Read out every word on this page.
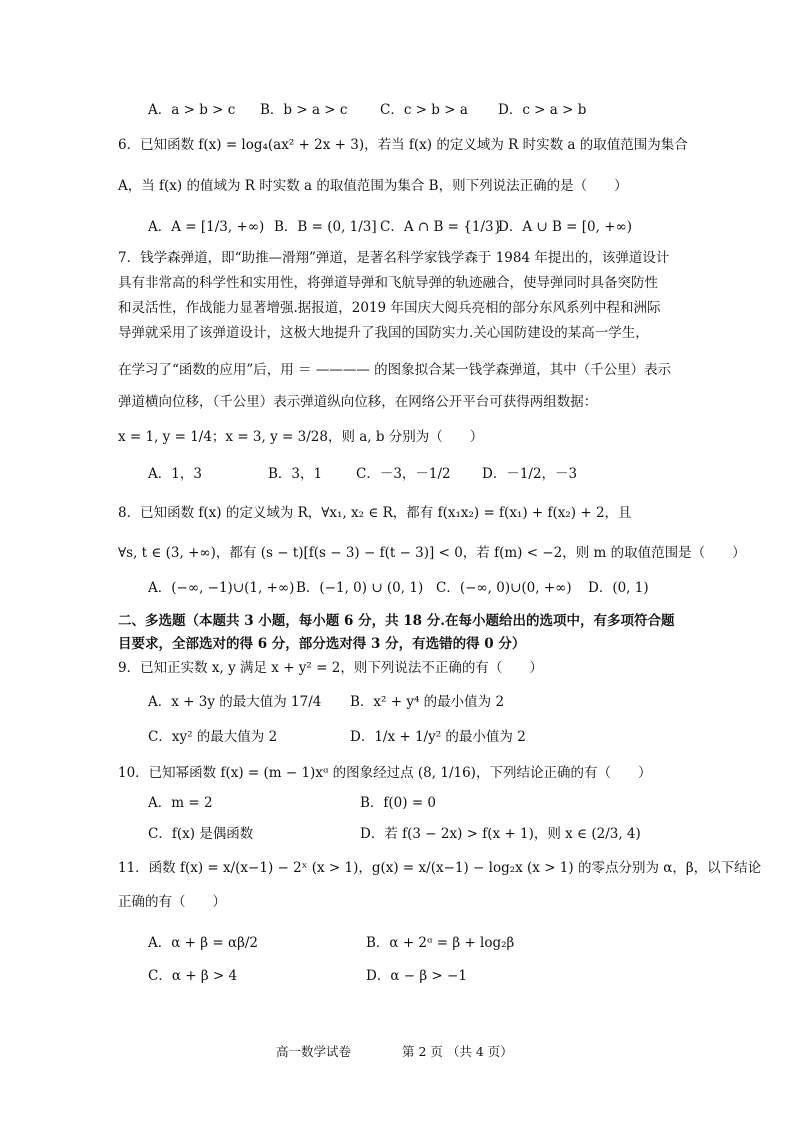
A．a > b > c B．b > a > c C．c > b > a D．c > a > b
6．已知函数 f(x) = log₄(ax² + 2x + 3)，若当 f(x) 的定义域为 R 时实数 a 的取值范围为集合
A，当 f(x) 的值域为 R 时实数 a 的取值范围为集合 B，则下列说法正确的是（　　）
A．A = [1/3, +∞) B．B = (0, 1/3] C．A ∩ B = {1/3}
D．A ∪ B = [0, +∞)
7．钱学森弹道，即“助推—滑翔”弹道，是著名科学家钱学森于 1984 年提出的，该弹道设计
具有非常高的科学性和实用性，将弹道导弹和飞航导弹的轨迹融合，使导弹同时具备突防性
和灵活性，作战能力显著增强.据报道，2019 年国庆大阅兵亮相的部分东风系列中程和洲际
导弹就采用了该弹道设计，这极大地提升了我国的国防实力.关心国防建设的某高一学生，
在学习了“函数的应用”后，用 ＝ ———— 的图象拟合某一钱学森弹道，其中（千公里）表示
弹道横向位移，（千公里）表示弹道纵向位移，在网络公开平台可获得两组数据：
x = 1, y = 1/4；x = 3, y = 3/28，则 a, b 分别为（　　）
A．1，3	B．3，1	C．－3，－1/2 D．－1/2，－3
8．已知函数 f(x) 的定义域为 R，∀x₁, x₂ ∈ R，都有 f(x₁x₂) = f(x₁) + f(x₂) + 2，且
∀s, t ∈ (3, +∞)，都有 (s − t)[f(s − 3) − f(t − 3)] < 0，若 f(m) < −2，则 m 的取值范围是（　　）
A．(−∞, −1)∪(1, +∞) B．(−1, 0) ∪ (0, 1) C．(−∞, 0)∪(0, +∞) D．(0, 1)
二、多选题（本题共 3 小题，每小题 6 分，共 18 分.在每小题给出的选项中，有多项符合题
目要求，全部选对的得 6 分，部分选对得 3 分，有选错的得 0 分）
9．已知正实数 x, y 满足 x + y² = 2，则下列说法不正确的有（　　）
A．x + 3y 的最大值为 17/4 B．x² + y⁴ 的最小值为 2
C．xy² 的最大值为 2	D．1/x + 1/y² 的最小值为 2
10．已知幂函数 f(x) = (m − 1)xᵅ 的图象经过点 (8, 1/16)，下列结论正确的有（　　）
A．m = 2	B．f(0) = 0
C．f(x) 是偶函数	D．若 f(3 − 2x) > f(x + 1)，则 x ∈ (2/3, 4)
11．函数 f(x) = x/(x−1) − 2ˣ (x > 1)，g(x) = x/(x−1) − log₂x (x > 1) 的零点分别为 α，β，以下结论
正确的有（　　）
A．α + β = αβ/2	B．α + 2ᵅ = β + log₂β
C．α + β > 4	D．α − β > −1
高一数学试卷	第 2 页 （共 4 页）
